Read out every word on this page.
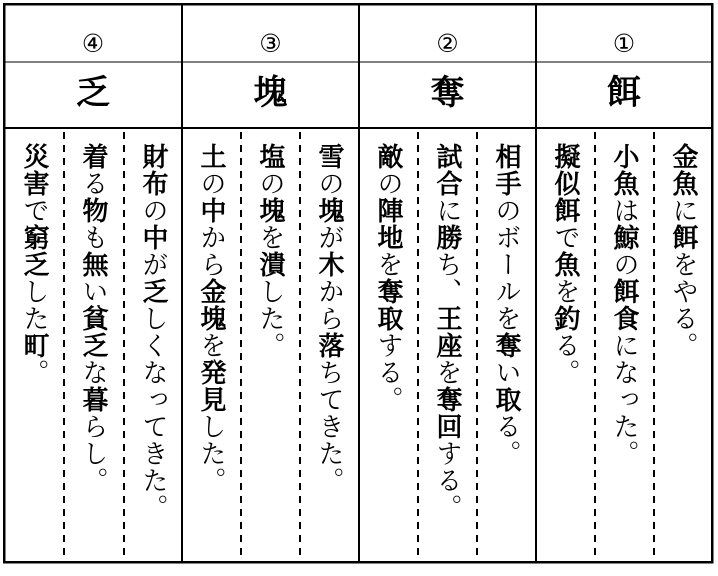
①
②
③
④
餌
奪
塊
乏

金魚に餌をやる。

小魚は鯨の餌食になった。

擬似餌で魚を釣る。

相手のボールを奪い取る。

試合に勝ち、王座を奪回する。

敵の陣地を奪取する。

雪の塊が木から落ちてきた。

塩の塊を潰した。

土の中から金塊を発見した。

財布の中が乏しくなってきた。

着る物も無い貧乏な暮らし。

災害で窮乏した町。
